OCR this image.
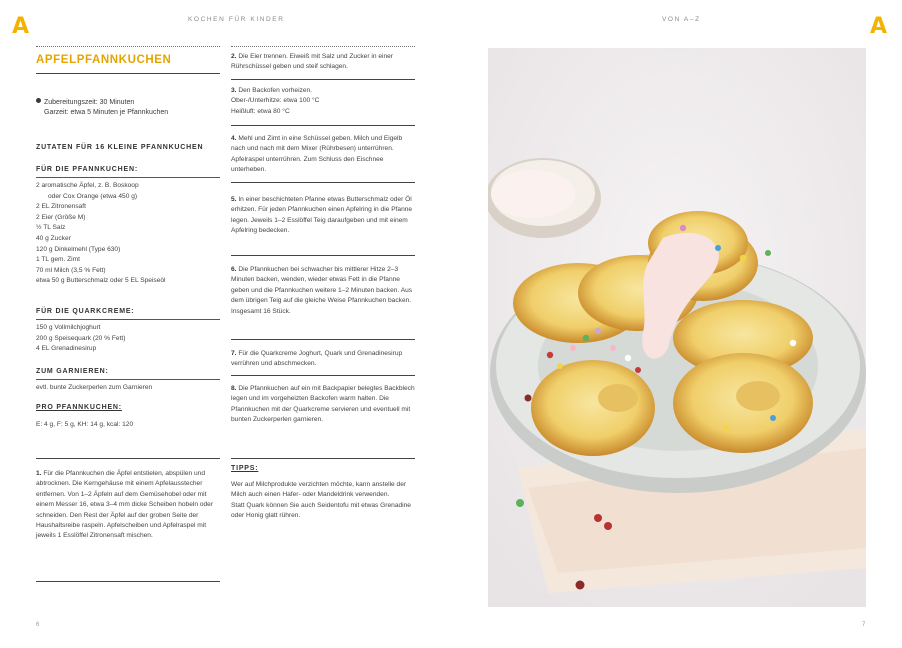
A	KOCHEN FÜR KINDER	VON A–Z	A
APFELPFANNKUCHEN
Zubereitungszeit: 30 Minuten
Garzeit: etwa 5 Minuten je Pfannkuchen
ZUTATEN FÜR 16 KLEINE PFANNKUCHEN
FÜR DIE PFANNKUCHEN:
2 aromatische Äpfel, z. B. Boskoop
oder Cox Orange (etwa 450 g)
2 EL Zitronensaft
2 Eier (Größe M)
½ TL Salz
40 g Zucker
120 g Dinkelmehl (Type 630)
1 TL gem. Zimt
70 ml Milch (3,5 % Fett)
etwa 50 g Butterschmalz oder 5 EL Speiseöl
FÜR DIE QUARKCREME:
150 g Vollmilchjoghurt
200 g Speisequark (20 % Fett)
4 EL Grenadinesirup
ZUM GARNIEREN:
evtl. bunte Zuckerperlen zum Garnieren
PRO PFANNKUCHEN:
E: 4 g, F: 5 g, KH: 14 g, kcal: 120
1. Für die Pfannkuchen die Äpfel entstielen, abspülen und abtrocknen. Die Kerngehäuse mit einem Apfelausstecher entfernen. Von 1–2 Äpfeln auf dem Gemüsehobel oder mit einem Messer 16, etwa 3–4 mm dicke Scheiben hobeln oder schneiden. Den Rest der Äpfel auf der groben Seite der Haushaltsreibe raspeln. Apfelscheiben und Apfelraspel mit jeweils 1 Esslöffel Zitronensaft mischen.
2. Die Eier trennen. Eiweiß mit Salz und Zucker in einer Rührschüssel geben und steif schlagen.
3. Den Backofen vorheizen.
Ober-/Unterhitze: etwa 100 °C
Heißluft: etwa 80 °C
4. Mehl und Zimt in eine Schüssel geben. Milch und Eigelb nach und nach mit dem Mixer (Rührbesen) unterrühren. Apfelraspel unterrühren. Zum Schluss den Eischnee unterheben.
5. In einer beschichteten Pfanne etwas Butterschmalz oder Öl erhitzen. Für jeden Pfannkuchen einen Apfelring in die Pfanne legen. Jeweils 1–2 Esslöffel Teig daraufgeben und mit einem Apfelring bedecken.
6. Die Pfannkuchen bei schwacher bis mittlerer Hitze 2–3 Minuten backen, wenden, wieder etwas Fett in die Pfanne geben und die Pfannkuchen weitere 1–2 Minuten backen. Aus dem übrigen Teig auf die gleiche Weise Pfannkuchen backen. Insgesamt 16 Stück.
7. Für die Quarkcreme Joghurt, Quark und Grenadinesirup verrühren und abschmecken.
8. Die Pfannkuchen auf ein mit Backpapier belegtes Backblech legen und im vorgeheizten Backofen warm halten. Die Pfannkuchen mit der Quarkcreme servieren und eventuell mit bunten Zuckerperlen garnieren.
TIPPS:
Wer auf Milchprodukte verzichten möchte, kann anstelle der Milch auch einen Hafer- oder Mandeldrink verwenden.
Statt Quark können Sie auch Seidentofu mit etwas Grenadine oder Honig glatt rühren.
6	7
